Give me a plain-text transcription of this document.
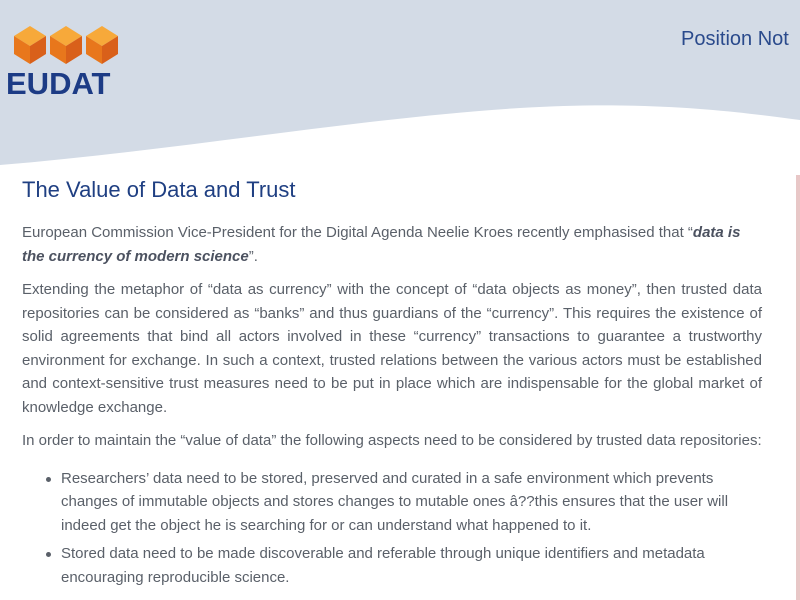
EUDAT
Position Not
The Value of Data and Trust

European Commission Vice-President for the Digital Agenda Neelie Kroes recently emphasised that “data is the currency of modern science”.

Extending the metaphor of “data as currency” with the concept of “data objects as money”, then trusted data repositories can be considered as “banks” and thus guardians of the “currency”. This requires the existence of solid agreements that bind all actors involved in these “currency” transactions to guarantee a trustworthy environment for exchange. In such a context, trusted relations between the various actors must be established and context-sensitive trust measures need to be put in place which are indispensable for the global market of knowledge exchange.

In order to maintain the “value of data” the following aspects need to be considered by trusted data repositories:

Researchers’ data need to be stored, preserved and curated in a safe environment which prevents changes of immutable objects and stores changes to mutable ones â??this ensures that the user will indeed get the object he is searching for or can understand what happened to it.
Stored data need to be made discoverable and referable through unique identifiers and metadata encouraging reproducible science.
